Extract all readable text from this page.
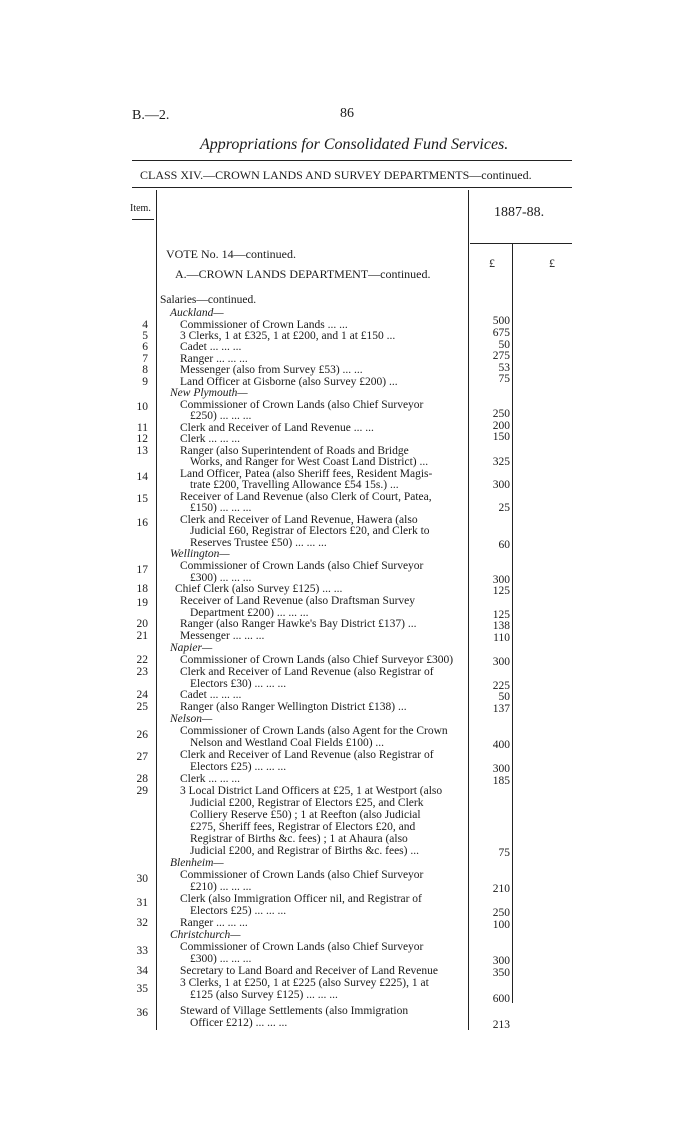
B.—2.	86
Appropriations for Consolidated Fund Services.
CLASS XIV.—CROWN LANDS AND SURVEY DEPARTMENTS—continued.
Item.	1887-88.
£	£
VOTE No. 14—continued.
A.—CROWN LANDS DEPARTMENT—continued.
Salaries—continued.
Auckland—
4	Commissioner of Crown Lands ... ...	500
5	3 Clerks, 1 at £325, 1 at £200, and 1 at £150 ...	675
6	Cadet ... ... ...	50
7	Ranger ... ... ...	275
8	Messenger (also from Survey £53) ... ...	53
9	Land Officer at Gisborne (also Survey £200) ...	75
New Plymouth—
10	Commissioner of Crown Lands (also Chief Surveyor
£250) ... ... ...	250
11	Clerk and Receiver of Land Revenue ... ...	200
12	Clerk ... ... ...	150
13	Ranger (also Superintendent of Roads and Bridge
Works, and Ranger for West Coast Land District) ...	325
14	Land Officer, Patea (also Sheriff fees, Resident Magis-
trate £200, Travelling Allowance £54 15s.) ...	300
15	Receiver of Land Revenue (also Clerk of Court, Patea,
£150) ... ... ...	25
16	Clerk and Receiver of Land Revenue, Hawera (also
Judicial £60, Registrar of Electors £20, and Clerk to
Reserves Trustee £50) ... ... ...	60
Wellington—
17	Commissioner of Crown Lands (also Chief Surveyor
£300) ... ... ...	300
18 Chief Clerk (also Survey £125) ... ...	125
19	Receiver of Land Revenue (also Draftsman Survey
Department £200) ... ... ...	125
20	Ranger (also Ranger Hawke's Bay District £137) ...	138
21	Messenger ... ... ...	110
Napier—
22	Commissioner of Crown Lands (also Chief Surveyor £300)	300
23	Clerk and Receiver of Land Revenue (also Registrar of
Electors £30) ... ... ...	225
24	Cadet ... ... ...	50
25	Ranger (also Ranger Wellington District £138) ...	137
Nelson—
26	Commissioner of Crown Lands (also Agent for the Crown
Nelson and Westland Coal Fields £100) ...	400
27	Clerk and Receiver of Land Revenue (also Registrar of
Electors £25) ... ... ...	300
28	Clerk ... ... ...	185
29	3 Local District Land Officers at £25, 1 at Westport (also
Judicial £200, Registrar of Electors £25, and Clerk
Colliery Reserve £50) ; 1 at Reefton (also Judicial
£275, Sheriff fees, Registrar of Electors £20, and
Registrar of Births &c. fees) ; 1 at Ahaura (also
Judicial £200, and Registrar of Births &c. fees) ...	75
Blenheim—
30	Commissioner of Crown Lands (also Chief Surveyor
£210) ... ... ...	210
31	Clerk (also Immigration Officer nil, and Registrar of
Electors £25) ... ... ...	250
32	Ranger ... ... ...	100
Christchurch—
33	Commissioner of Crown Lands (also Chief Surveyor
£300) ... ... ...	300
34	Secretary to Land Board and Receiver of Land Revenue	350
35	3 Clerks, 1 at £250, 1 at £225 (also Survey £225), 1 at
£125 (also Survey £125) ... ... ...	600
36	Steward of Village Settlements (also Immigration
Officer £212) ... ... ...	213
